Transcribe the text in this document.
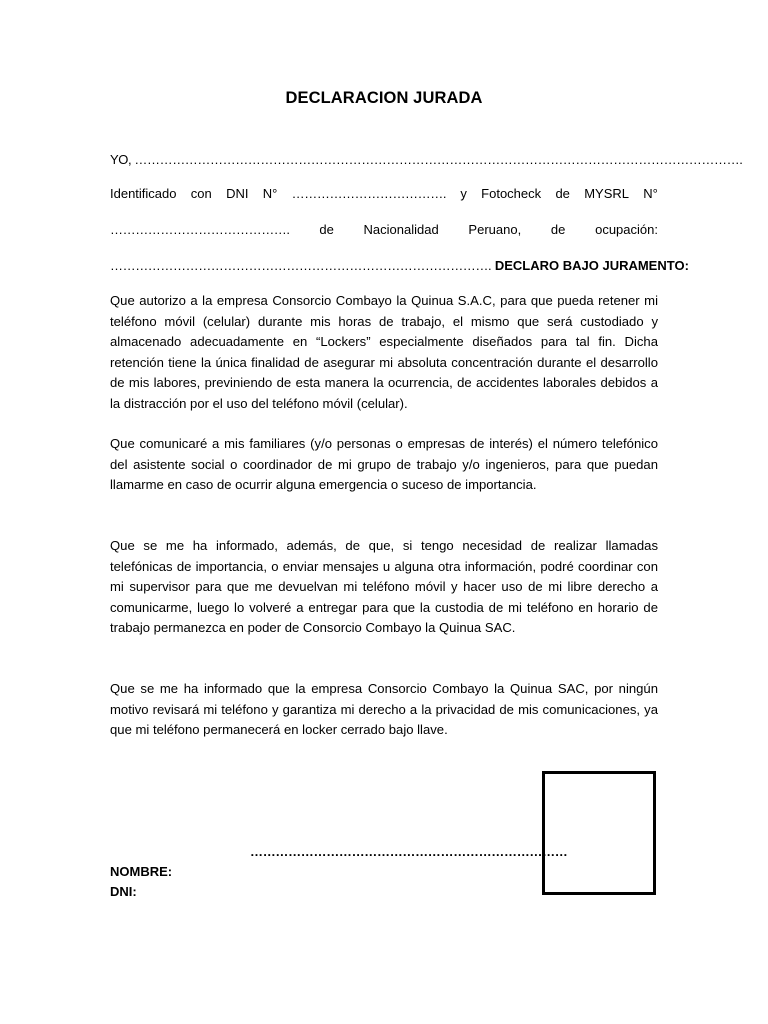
DECLARACION JURADA
YO, ……………………………………………………………………………………………………………………………….
Identificado con DNI N° ………………………………. y Fotocheck de MYSRL N°
……………………………………. de Nacionalidad Peruano, de ocupación:
………………………………………………………………………………. DECLARO BAJO JURAMENTO:
Que autorizo a la empresa Consorcio Combayo la Quinua S.A.C, para que pueda retener mi teléfono móvil (celular) durante mis horas de trabajo, el mismo que será custodiado y almacenado adecuadamente en “Lockers” especialmente diseñados para tal fin. Dicha retención tiene la única finalidad de asegurar mi absoluta concentración durante el desarrollo de mis labores, previniendo de esta manera la ocurrencia, de accidentes laborales debidos a la distracción por el uso del teléfono móvil (celular).
Que comunicaré a mis familiares (y/o personas o empresas de interés) el número telefónico del asistente social o coordinador de mi grupo de trabajo y/o ingenieros, para que puedan llamarme en caso de ocurrir alguna emergencia o suceso de importancia.
Que se me ha informado, además, de que, si tengo necesidad de realizar llamadas telefónicas de importancia, o enviar mensajes u alguna otra información, podré coordinar con mi supervisor para que me devuelvan mi teléfono móvil y hacer uso de mi libre derecho a comunicarme, luego lo volveré a entregar para que la custodia de mi teléfono en horario de trabajo permanezca en poder de Consorcio Combayo la Quinua SAC.
Que se me ha informado que la empresa Consorcio Combayo la Quinua SAC, por ningún motivo revisará mi teléfono y garantiza mi derecho a la privacidad de mis comunicaciones, ya que mi teléfono permanecerá en locker cerrado bajo llave.
…………………………………………………………………
NOMBRE:
DNI:
